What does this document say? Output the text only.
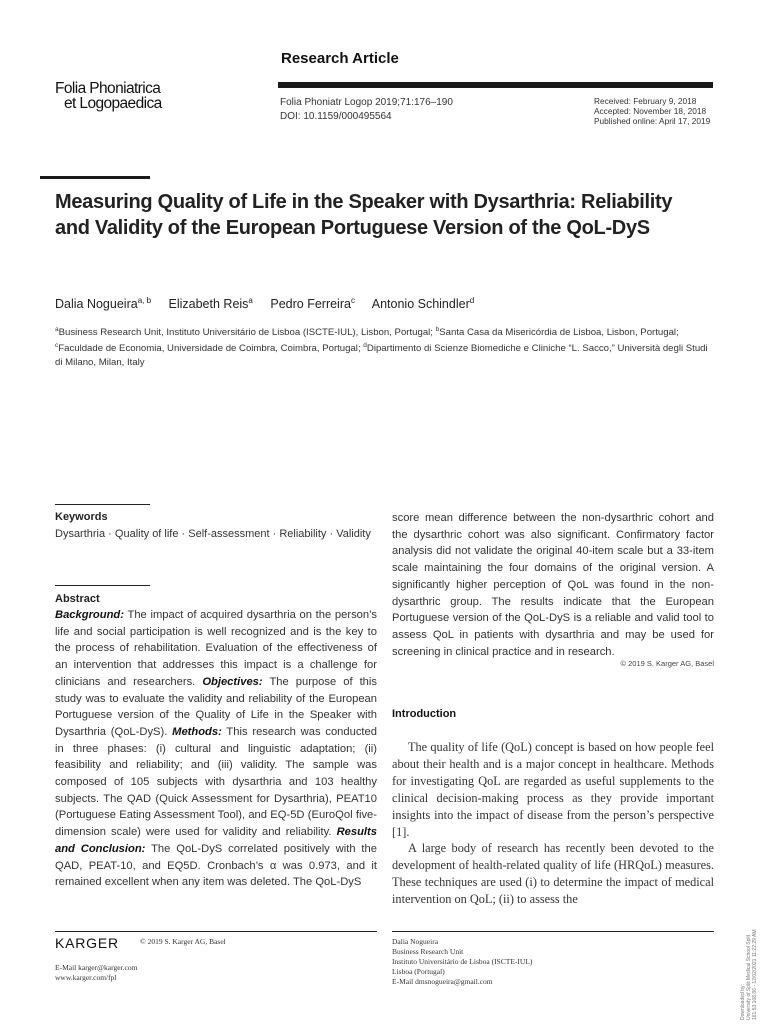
Folia Phoniatrica
et Logopaedica
Research Article
Folia Phoniatr Logop 2019;71:176–190
DOI: 10.1159/000495564
Received: February 9, 2018
Accepted: November 18, 2018
Published online: April 17, 2019
Measuring Quality of Life in the Speaker with Dysarthria: Reliability and Validity of the European Portuguese Version of the QoL-DyS
Dalia Nogueira$^{a, b}$ Elizabeth Reis$^a$ Pedro Ferreira$^c$ Antonio Schindler$^d$
$^a$Business Research Unit, Instituto Universitário de Lisboa (ISCTE-IUL), Lisbon, Portugal; $^b$Santa Casa da Misericórdia de Lisboa, Lisbon, Portugal; $^c$Faculdade de Economia, Universidade de Coimbra, Coimbra, Portugal; $^d$Dipartimento di Scienze Biomediche e Cliniche “L. Sacco,” Università degli Studi di Milano, Milan, Italy
Keywords
Dysarthria · Quality of life · Self-assessment · Reliability · Validity
Abstract
Background: The impact of acquired dysarthria on the person’s life and social participation is well recognized and is the key to the process of rehabilitation. Evaluation of the effectiveness of an intervention that addresses this impact is a challenge for clinicians and researchers. Objectives: The purpose of this study was to evaluate the validity and reliability of the European Portuguese version of the Quality of Life in the Speaker with Dysarthria (QoL-DyS). Methods: This research was conducted in three phases: (i) cultural and linguistic adaptation; (ii) feasibility and reliability; and (iii) validity. The sample was composed of 105 subjects with dysarthria and 103 healthy subjects. The QAD (Quick Assessment for Dysarthria), PEAT10 (Portuguese Eating Assessment Tool), and EQ-5D (EuroQol five-dimension scale) were used for validity and reliability. Results and Conclusion: The QoL-DyS correlated positively with the QAD, PEAT-10, and EQ5D. Cronbach’s α was 0.973, and it remained excellent when any item was deleted. The QoL-DyS
© 2019 S. Karger AG, Basel
Introduction

The quality of life (QoL) concept is based on how people feel about their health and is a major concept in healthcare. Methods for investigating QoL are regarded as useful supplements to the clinical decision-making process as they provide important insights into the impact of disease from the person’s perspective [1].

A large body of research has recently been devoted to the development of health-related quality of life (HRQoL) measures. These techniques are used (i) to determine the impact of medical intervention on QoL; (ii) to assess the

KARGER	© 2019 S. Karger AG, Basel
E-Mail karger@karger.com
www.karger.com/fpl
Dalia Nogueira
Business Research Unit
Instituto Universitário de Lisboa (ISCTE-IUL)
Lisboa (Portugal)
E-Mail dmsnogueira@gmail.com
Downloaded by: University of Split Medical School Split 161.53.108.86 - 12/02/2021 11:22:29 AM
score mean difference between the non-dysarthric cohort and the dysarthric cohort was also significant. Confirmatory factor analysis did not validate the original 40-item scale but a 33-item scale maintaining the four domains of the original version. A significantly higher perception of QoL was found in the non-dysarthric group. The results indicate that the European Portuguese version of the QoL-DyS is a reliable and valid tool to assess QoL in patients with dysarthria and may be used for screening in clinical practice and in research.
